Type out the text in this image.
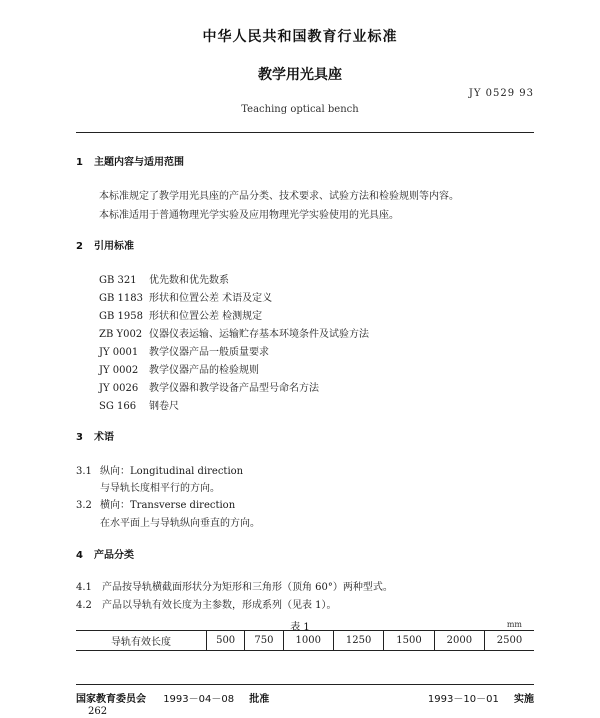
中华人民共和国教育行业标准
教学用光具座
JY 0529 93
Teaching optical bench
1 主题内容与适用范围
本标准规定了教学用光具座的产品分类、技术要求、试验方法和检验规则等内容。
本标准适用于普通物理光学实验及应用物理光学实验使用的光具座。
2 引用标准
GB 321 优先数和优先数系
GB 1183 形状和位置公差 术语及定义
GB 1958 形状和位置公差 检测规定
ZB Y002 仪器仪表运输、运输贮存基本环境条件及试验方法
JY 0001 教学仪器产品一般质量要求
JY 0002 教学仪器产品的检验规则
JY 0026 教学仪器和教学设备产品型号命名方法
SG 166 钢卷尺
3 术语
3.1 纵向：Longitudinal direction
与导轨长度相平行的方向。
3.2 横向：Transverse direction
在水平面上与导轨纵向垂直的方向。
4 产品分类
4.1 产品按导轨横截面形状分为矩形和三角形（顶角 60°）两种型式。
4.2 产品以导轨有效长度为主参数，形成系列（见表 1）。
表 1	mm
导轨有效长度	500	750	1000	1250	1500	2000	2500
国家教育委员会 1993－04－08 批准	1993－10－01 实施
262
